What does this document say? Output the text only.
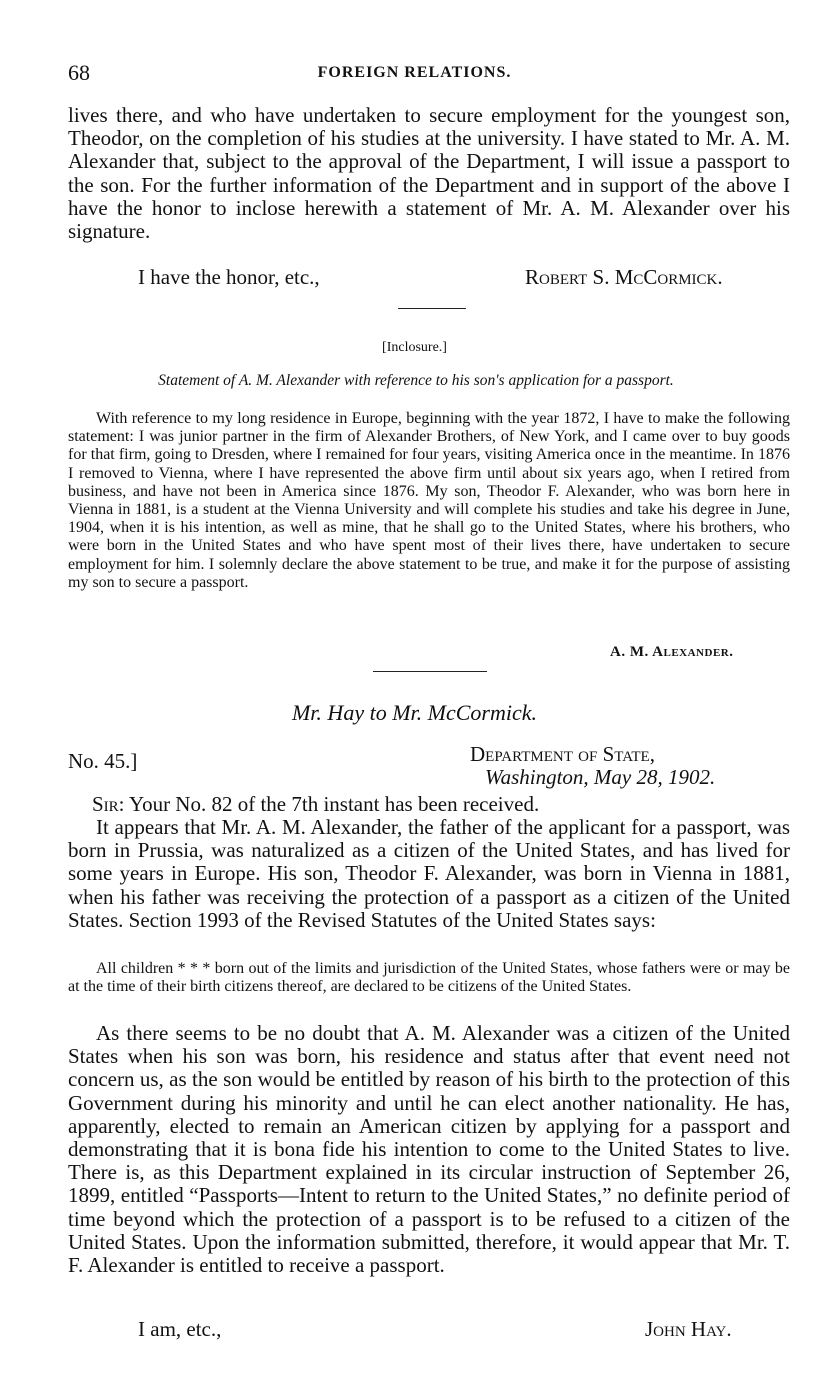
68	FOREIGN RELATIONS.
lives there, and who have undertaken to secure employment for the youngest son, Theodor, on the completion of his studies at the university. I have stated to Mr. A. M. Alexander that, subject to the approval of the Department, I will issue a passport to the son. For the further information of the Department and in support of the above I have the honor to inclose herewith a statement of Mr. A. M. Alexander over his signature.
I have the honor, etc.,	Robert S. McCormick.
[Inclosure.]
Statement of A. M. Alexander with reference to his son's application for a passport.
With reference to my long residence in Europe, beginning with the year 1872, I have to make the following statement: I was junior partner in the firm of Alexander Brothers, of New York, and I came over to buy goods for that firm, going to Dresden, where I remained for four years, visiting America once in the meantime. In 1876 I removed to Vienna, where I have represented the above firm until about six years ago, when I retired from business, and have not been in America since 1876. My son, Theodor F. Alexander, who was born here in Vienna in 1881, is a student at the Vienna University and will complete his studies and take his degree in June, 1904, when it is his intention, as well as mine, that he shall go to the United States, where his brothers, who were born in the United States and who have spent most of their lives there, have undertaken to secure employment for him. I solemnly declare the above statement to be true, and make it for the purpose of assisting my son to secure a passport.
A. M. Alexander.
Mr. Hay to Mr. McCormick.
No. 45.]	Department of State,
Washington, May 28, 1902.
Sir: Your No. 82 of the 7th instant has been received.
It appears that Mr. A. M. Alexander, the father of the applicant for a passport, was born in Prussia, was naturalized as a citizen of the United States, and has lived for some years in Europe. His son, Theodor F. Alexander, was born in Vienna in 1881, when his father was receiving the protection of a passport as a citizen of the United States. Section 1993 of the Revised Statutes of the United States says:
All children * * * born out of the limits and jurisdiction of the United States, whose fathers were or may be at the time of their birth citizens thereof, are declared to be citizens of the United States.
As there seems to be no doubt that A. M. Alexander was a citizen of the United States when his son was born, his residence and status after that event need not concern us, as the son would be entitled by reason of his birth to the protection of this Government during his minority and until he can elect another nationality. He has, apparently, elected to remain an American citizen by applying for a passport and demonstrating that it is bona fide his intention to come to the United States to live. There is, as this Department explained in its circular instruction of September 26, 1899, entitled “Passports—Intent to return to the United States,” no definite period of time beyond which the protection of a passport is to be refused to a citizen of the United States. Upon the information submitted, therefore, it would appear that Mr. T. F. Alexander is entitled to receive a passport.
I am, etc.,	John Hay.
